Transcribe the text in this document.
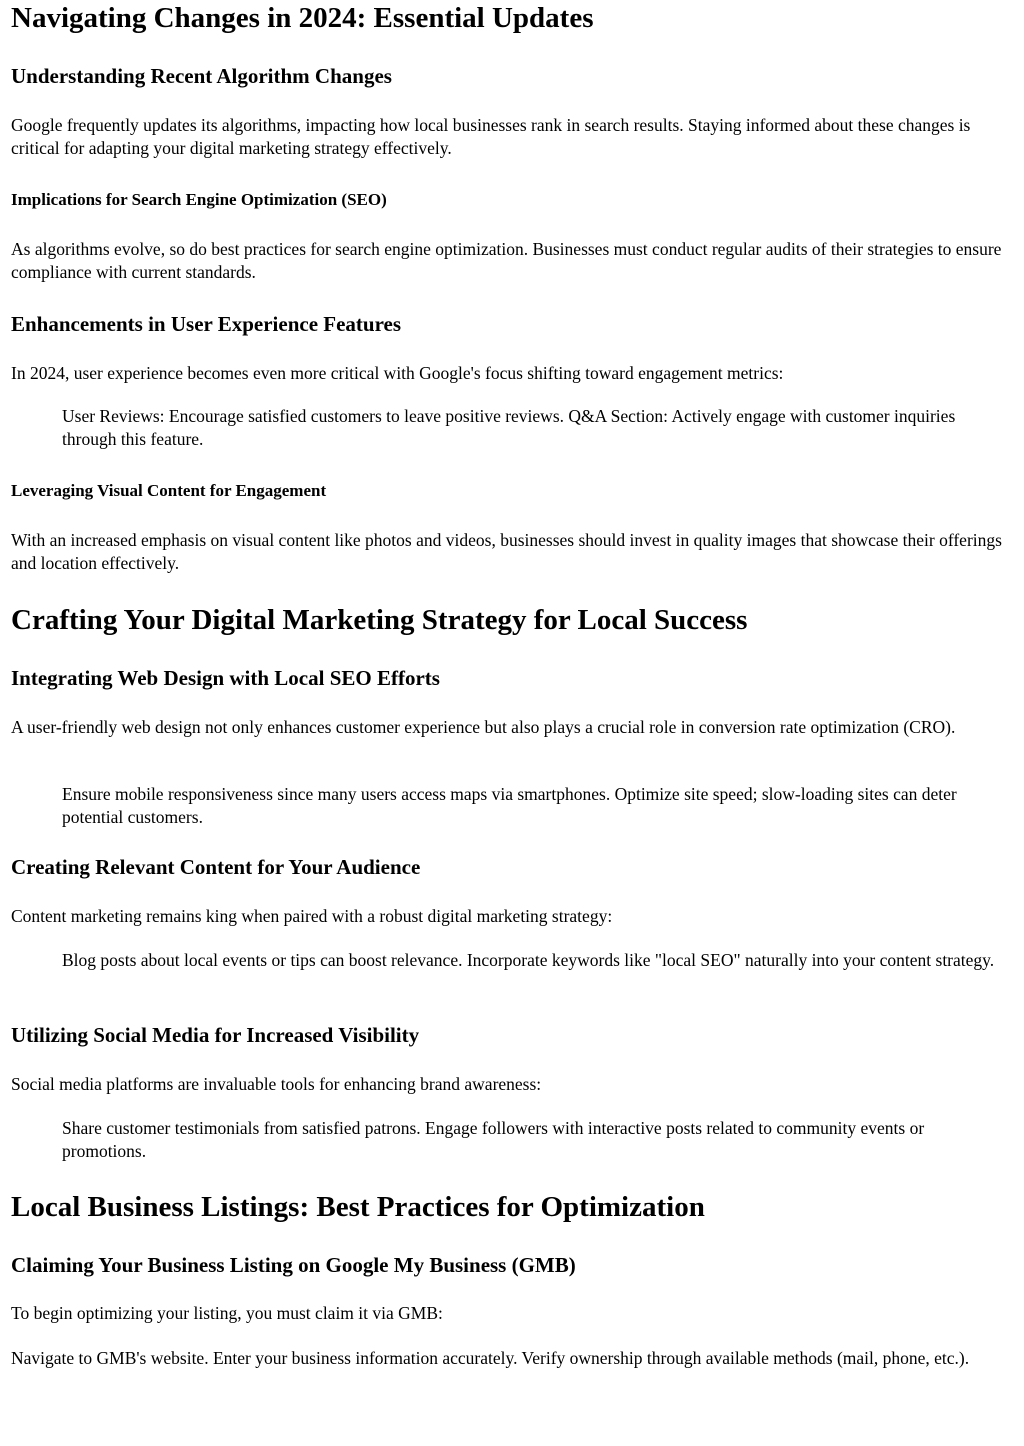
Navigating Changes in 2024: Essential Updates
Understanding Recent Algorithm Changes

Google frequently updates its algorithms, impacting how local businesses rank in search results. Staying informed about these changes is critical for adapting your digital marketing strategy effectively.

Implications for Search Engine Optimization (SEO)

As algorithms evolve, so do best practices for search engine optimization. Businesses must conduct regular audits of their strategies to ensure compliance with current standards.

Enhancements in User Experience Features

In 2024, user experience becomes even more critical with Google's focus shifting toward engagement metrics:

User Reviews: Encourage satisfied customers to leave positive reviews. Q&A Section: Actively engage with customer inquiries through this feature.
Leveraging Visual Content for Engagement

With an increased emphasis on visual content like photos and videos, businesses should invest in quality images that showcase their offerings and location effectively.

Crafting Your Digital Marketing Strategy for Local Success
Integrating Web Design with Local SEO Efforts

A user-friendly web design not only enhances customer experience but also plays a crucial role in conversion rate optimization (CRO).

Ensure mobile responsiveness since many users access maps via smartphones. Optimize site speed; slow-loading sites can deter potential customers.
Creating Relevant Content for Your Audience

Content marketing remains king when paired with a robust digital marketing strategy:

Blog posts about local events or tips can boost relevance. Incorporate keywords like "local SEO" naturally into your content strategy.
Utilizing Social Media for Increased Visibility

Social media platforms are invaluable tools for enhancing brand awareness:

Share customer testimonials from satisfied patrons. Engage followers with interactive posts related to community events or promotions.
Local Business Listings: Best Practices for Optimization
Claiming Your Business Listing on Google My Business (GMB)

To begin optimizing your listing, you must claim it via GMB:

Navigate to GMB's website. Enter your business information accurately. Verify ownership through available methods (mail, phone, etc.).
